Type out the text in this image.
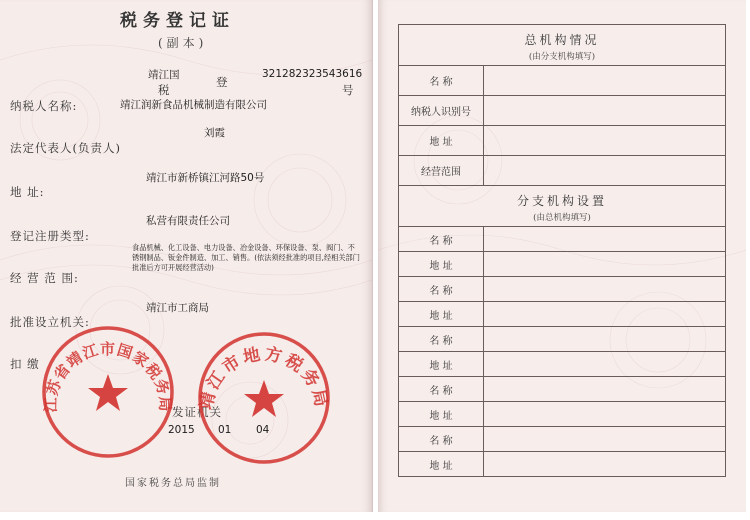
税务登记证
(副本)
靖江国
税
登
321282323543616
号
纳税人名称:	靖江润新食品机械制造有限公司
刘霞
法定代表人(负责人)
靖江市新桥镇江河路50号
地 址:
私营有限责任公司
登记注册类型:
食品机械、化工设备、电力设备、冶金设备、环保设备、泵、阀门、不锈钢制品、钣金件制造、加工、销售。(依法须经批准的项目,经相关部门批准后方可开展经营活动)
经 营 范 围:
靖江市工商局
批准设立机关:
扣 缴
发证机关
2015 01 04
国家税务总局监制
江苏省靖江市国家税务局 靖江市地方税务局
总机构情况
(由分支机构填写)
名 称
纳税人识别号
地 址
经营范围
分支机构设置
(由总机构填写)
名 称
地 址
名 称
地 址
名 称
地 址
名 称
地 址
名 称
地 址
